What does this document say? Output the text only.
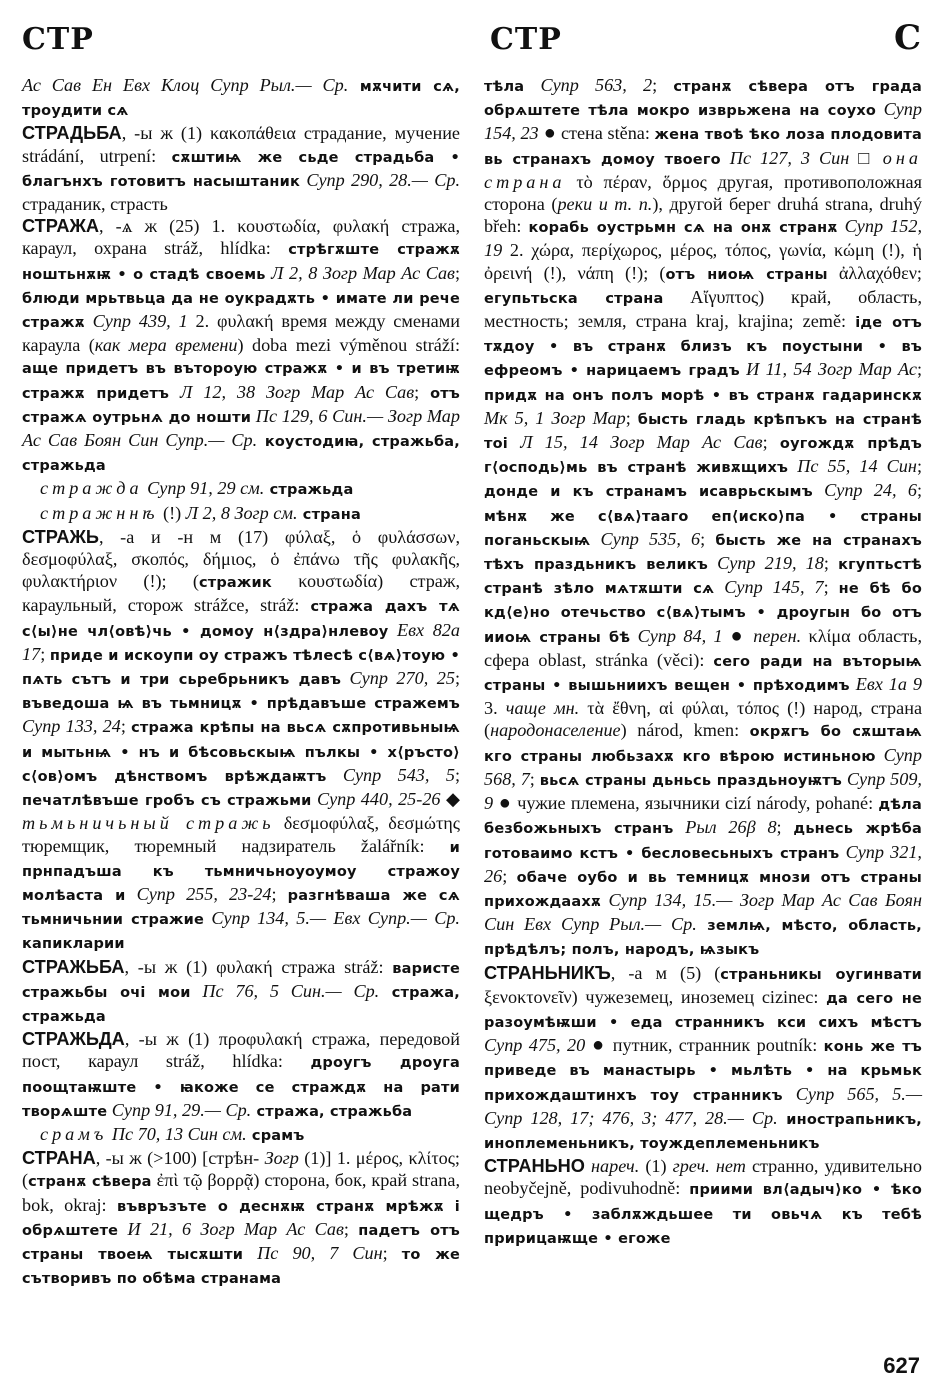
СТР	СТР	С

Ас Сав Ен Евх Клоц Супр Рыл.— Ср. мѫчити сѧ, троудити сѧ

СТРАДЬБА, -ы ж (1) κακοπάθεια страдание, мучение strádání, utrpení: сѫштиѩ же сьде страдьба • благънхъ готовитъ насыштаник Супр 290, 28.— Ср. страданик, страсть

СТРАЖА, -ѧ ж (25) 1. κουστωδία, φυλακή стража, караул, охрана stráž, hlídka: стрѣгѫште стражѫ ноштьнѫѭ • о стадѣ своемь Л 2, 8 Зогр Мар Ас Сав; блюди мрьтвьца да не оукрадѫть • имате ли рече стражѫ Супр 439, 1 2. φυλακή время между сменами караула (как мера времени) doba mezi výměnou stráží: аще придетъ въ вътороую стражѫ • и въ третиѭ стражѫ придетъ Л 12, 38 Зогр Мар Ас Сав; отъ стражѧ оутрьнѧ до ношти Пс 129, 6 Син.— Зогр Мар Ас Сав Боян Син Супр.— Ср. коустодиꙗ, стражьба, стражьда

стражда Супр 91, 29 см. стражьда

стражннѣ (!) Л 2, 8 Зогр см. страна

СТРАЖЬ, -а и -н м (17) φύλαξ, ὁ φυλάσσων, δεσμοφύλαξ, σκοπός, δήμιος, ὁ ἐπάνω τῆς φυλακῆς, φυλακτήριον (!); (стражик κουστωδία) страж, караульный, сторож strážce, stráž: стража даxъ тѧ с⟨ы⟩не чл⟨овѣ⟩чь • домоу н⟨здра⟩нлевоу Евх 82а 17; приде и искоупи оу стражъ тѣлесѣ с⟨вѧ⟩тоую • пѧть сътъ и три сьребрьникъ давъ Супр 270, 25; въведоша ѩ въ тьмницѫ • прѣдавъше стражемъ Супр 133, 24; стража крѣпы на вьсѧ сѫпротивьныѩ и мытьнѩ • нъ и бѣсовьскыѩ пълкы • х⟨ръсто⟩с⟨ов⟩омъ дѣнствомъ врѣждаѭтъ Супр 543, 5; печатлѣвъше гробъ съ стражьми Супр 440, 25-26 ◆ тьмьничьный стражь δεσμοφύλαξ, δεσμώτης тюремщик, тюремный надзиратель žalářník: и прнпадъша къ тьмничьноуоумоу стражоу молѣаста и Супр 255, 23-24; разгнѣваша же сѧ тьмничьнии стражие Супр 134, 5.— Евх Супр.— Ср. капикларии

СТРАЖЬБА, -ы ж (1) φυλακή стража stráž: варисте стражьбы очі мои Пс 76, 5 Син.— Ср. стража, стражьда

СТРАЖЬДА, -ы ж (1) προφυλακή стража, передовой пост, караул stráž, hlídka: дроугъ дроуга поощтаѭште • ꙗкоже се страждѫ на рати творѧште Супр 91, 29.— Ср. стража, стражьба

срамъ Пс 70, 13 Син см. срамъ

СТРАНА, -ы ж (>100) [стрѣн- Зогр (1)] 1. μέρος, κλίτος; (странѫ сѣвера ἐπὶ τῷ βορρᾷ) сторона, бок, край strana, bok, okraj: въвръзъте о деснѫѭ странѫ мрѣжѫ і обрѧштете И 21, 6 Зогр Мар Ас Сав; падетъ отъ страны твоеѩ тысѫшти Пс 90, 7 Син; то же сътворивъ по обѣма странама

тѣла Супр 563, 2; странѫ сѣвера отъ града обрѧштете тѣла мокро изврьжена на соухо Супр 154, 23 ● стена stěna: жена твоѣ ѣко лоза плодовита вь странахъ домоу твоего Пс 127, 3 Син □ она страна τὸ πέραν, ὅρμος другая, противоположная сторона (реки и т. п.), другой берег druhá strana, druhý břeh: корабь оустрьмн сѧ на онѫ странѫ Супр 152, 19 2. χώρα, περίχωρος, μέρος, τόπος, γωνία, κώμη (!), ἡ ὀρεινή (!), νάπη (!); (отъ ниоѩ страны ἀλλαχόθεν; егупьтьска страна Αἴγυπτος) край, область, местность; земля, страна kraj, krajina; země: іде отъ тѫдоу • въ странѫ близъ къ поустыни • въ ефреомъ • нарицаемъ градъ И 11, 54 Зогр Мар Ас; придѫ на онъ полъ морѣ • въ странѫ гадаринскѫ Мк 5, 1 Зогр Мар; бысть гладь крѣпъкъ на странѣ тоі Л 15, 14 Зогр Мар Ас Сав; оугождѫ прѣдъ г⟨осподь⟩мь въ странѣ живѫщихъ Пс 55, 14 Син; донде и къ странамъ исаврьскымъ Супр 24, 6; мѣнѫ же с⟨вѧ⟩тааго еп⟨иско⟩па • страны поганьскыѩ Супр 535, 6; бысть же на странахъ тѣхъ праздьникъ великъ Супр 219, 18; кгуптьстѣ странѣ зѣло мѧтѫшти сѧ Супр 145, 7; не бѣ бо кд⟨е⟩но отечьство с⟨вѧ⟩тымъ • дроугын бо отъ ииоѩ страны бѣ Супр 84, 1 ● перен. κλίμα область, сфера oblast, stránka (věci): сего ради на въторыѩ страны • вышьниихъ вещен • прѣходимъ Евх 1а 9 3. чаще мн. τὰ ἔθνη, αἱ φύλαι, τόπος (!) народ, страна (народонаселение) národ, kmen: окрѫгъ бо сѫштаѩ кго страны любьзахѫ кго вѣрою истиньною Супр 568, 7; вьсѧ страны дьньсь праздьноуѭтъ Супр 509, 9 ● чужие племена, язычники cizí národy, pohané: дѣла безбожьныхъ странъ Рыл 26β 8; дьнесь жрѣба готоваимо кстъ • бесловесьныхъ странъ Супр 321, 26; обаче оубо и вь темницѫ мнози отъ страны прихождааxѫ Супр 134, 15.— Зогр Мар Ас Сав Боян Син Евх Супр Рыл.— Ср. землѩ, мѣсто, область, прѣдѣлъ; полъ, народъ, ѩзыкъ

СТРАНЬНИКЪ, -а м (5) (страньникы оугинвати ξενοκτονεῖν) чужеземец, иноземец cizinec: да сего не разоумѣѭши • еда странникъ кси сихъ мѣстъ Супр 475, 20 ● путник, странник poutník: конь же тъ приведе въ манастырь • мьлѣть • на крьмьк прихождаштинхъ тоу странникъ Супр 565, 5.— Супр 128, 17; 476, 3; 477, 28.— Ср. инострапьникъ, иноплеменьникъ, тоуждеплеменьникъ

СТРАНЬНО нареч. (1) греч. нет странно, удивительно neobyčejně, podivuhodně: приими вл⟨адыч⟩ко • ѣко щедръ • заблѫждьшее ти овьчѧ къ тебѣ пририцаѭще • егоже

627
